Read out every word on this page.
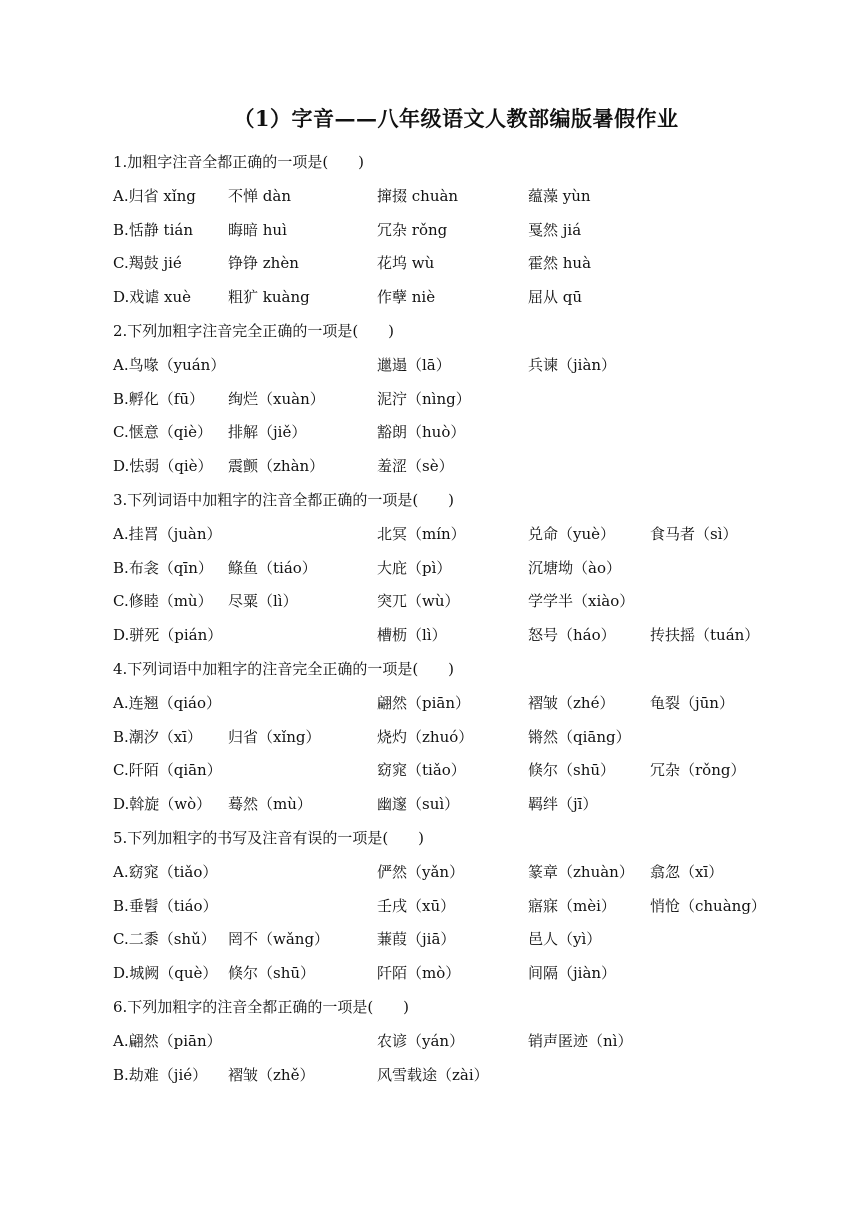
（1）字音——八年级语文人教部编版暑假作业
1.加粗字注音全都正确的一项是(　　)
A.归省 xǐng 不惮 dàn	撺掇 chuàn	蕴藻 yùn
B.恬静 tián 晦暗 huì	冗杂 rǒng	戛然 jiá
C.羯鼓 jié	铮铮 zhèn	花坞 wù	霍然 huà
D.戏谑 xuè 粗犷 kuàng	作孽 niè	屈从 qū
2.下列加粗字注音完全正确的一项是(　　)
A.鸟喙（yuán）	邋遢（lā）	兵谏（jiàn）
B.孵化（fū） 绚烂（xuàn）	泥泞（nìng）
C.惬意（qiè） 排解（jiě）	豁朗（huò）
D.怯弱（qiè） 震颤（zhàn）	羞涩（sè）
3.下列词语中加粗字的注音全都正确的一项是(　　)
A.挂罥（juàn）	北冥（mín）	兑命（yuè） 食马者（sì）
B.布衾（qīn） 鲦鱼（tiáo）	大庇（pì）	沉塘坳（ào）
C.修睦（mù） 尽粟（lì）	突兀（wù）	学学半（xiào）
D.骈死（pián）	槽枥（lì）	怒号（háo） 抟扶摇（tuán）
4.下列词语中加粗字的注音完全正确的一项是(　　)
A.连翘（qiáo）	翩然（piān）	褶皱（zhé） 龟裂（jūn）
B.潮汐（xī） 归省（xǐng）	烧灼（zhuó）	锵然（qiāng）
C.阡陌（qiān）	窈窕（tiǎo）	倏尔（shū） 冗杂（rǒng）
D.斡旋（wò） 蓦然（mù）	幽邃（suì）	羁绊（jī）
5.下列加粗字的书写及注音有误的一项是(　　)
A.窈窕（tiǎo）	俨然（yǎn）	篆章（zhuàn） 翕忽（xī）
B.垂髫（tiáo）	壬戌（xū）	寤寐（mèi） 悄怆（chuàng）
C.二黍（shǔ） 罔不（wǎng）	蒹葭（jiā）	邑人（yì）
D.城阙（què） 倏尔（shū）	阡陌（mò）	间隔（jiàn）
6.下列加粗字的注音全都正确的一项是(　　)
A.翩然（piān）	农谚（yán）	销声匿迹（nì）
B.劫难（jié） 褶皱（zhě）	风雪载途（zài）
